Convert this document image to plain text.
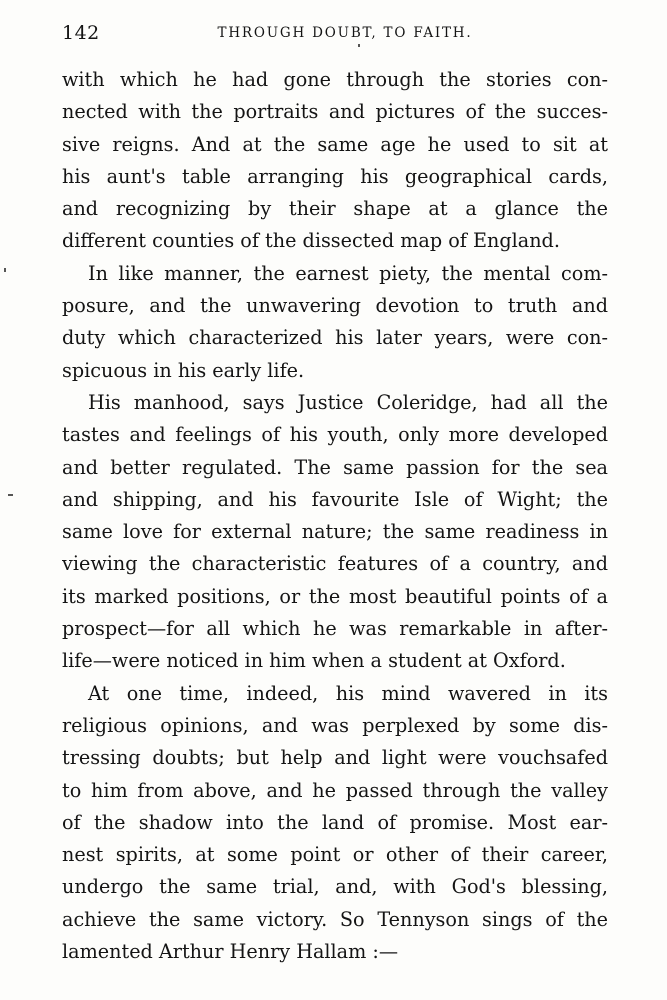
142	THROUGH DOUBT, TO FAITH.
with which he had gone through the stories con-
nected with the portraits and pictures of the succes-
sive reigns. And at the same age he used to sit at
his aunt's table arranging his geographical cards,
and recognizing by their shape at a glance the
different counties of the dissected map of England.
In like manner, the earnest piety, the mental com-
posure, and the unwavering devotion to truth and
duty which characterized his later years, were con-
spicuous in his early life.
His manhood, says Justice Coleridge, had all the
tastes and feelings of his youth, only more developed
and better regulated. The same passion for the sea
and shipping, and his favourite Isle of Wight; the
same love for external nature; the same readiness in
viewing the characteristic features of a country, and
its marked positions, or the most beautiful points of a
prospect—for all which he was remarkable in after-
life—were noticed in him when a student at Oxford.
At one time, indeed, his mind wavered in its
religious opinions, and was perplexed by some dis-
tressing doubts; but help and light were vouchsafed
to him from above, and he passed through the valley
of the shadow into the land of promise. Most ear-
nest spirits, at some point or other of their career,
undergo the same trial, and, with God's blessing,
achieve the same victory. So Tennyson sings of the
lamented Arthur Henry Hallam :—
